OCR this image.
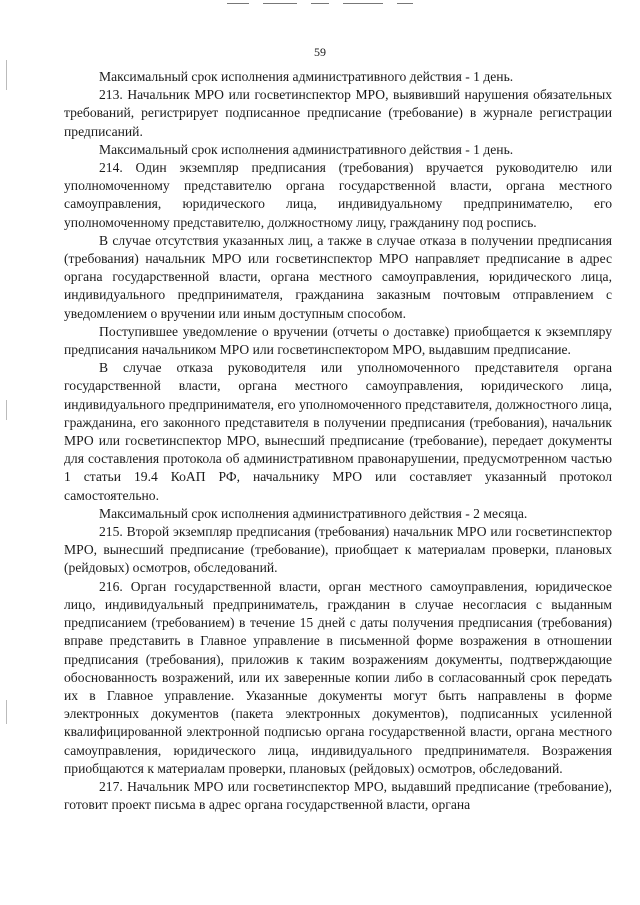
59

Максимальный срок исполнения административного действия - 1 день.

213. Начальник МРО или госветинспектор МРО, выявивший нарушения обязательных требований, регистрирует подписанное предписание (требование) в журнале регистрации предписаний.

Максимальный срок исполнения административного действия - 1 день.

214. Один экземпляр предписания (требования) вручается руководителю или уполномоченному представителю органа государственной власти, органа местного самоуправления, юридического лица, индивидуальному предпринимателю, его уполномоченному представителю, должностному лицу, гражданину под роспись.

В случае отсутствия указанных лиц, а также в случае отказа в получении предписания (требования) начальник МРО или госветинспектор МРО направляет предписание в адрес органа государственной власти, органа местного самоуправления, юридического лица, индивидуального предпринимателя, гражданина заказным почтовым отправлением с уведомлением о вручении или иным доступным способом.

Поступившее уведомление о вручении (отчеты о доставке) приобщается к экземпляру предписания начальником МРО или госветинспектором МРО, выдавшим предписание.

В случае отказа руководителя или уполномоченного представителя органа государственной власти, органа местного самоуправления, юридического лица, индивидуального предпринимателя, его уполномоченного представителя, должностного лица, гражданина, его законного представителя в получении предписания (требования), начальник МРО или госветинспектор МРО, вынесший предписание (требование), передает документы для составления протокола об административном правонарушении, предусмотренном частью 1 статьи 19.4 КоАП РФ, начальнику МРО или составляет указанный протокол самостоятельно.

Максимальный срок исполнения административного действия - 2 месяца.

215. Второй экземпляр предписания (требования) начальник МРО или госветинспектор МРО, вынесший предписание (требование), приобщает к материалам проверки, плановых (рейдовых) осмотров, обследований.

216. Орган государственной власти, орган местного самоуправления, юридическое лицо, индивидуальный предприниматель, гражданин в случае несогласия с выданным предписанием (требованием) в течение 15 дней с даты получения предписания (требования) вправе представить в Главное управление в письменной форме возражения в отношении предписания (требования), приложив к таким возражениям документы, подтверждающие обоснованность возражений, или их заверенные копии либо в согласованный срок передать их в Главное управление. Указанные документы могут быть направлены в форме электронных документов (пакета электронных документов), подписанных усиленной квалифицированной электронной подписью органа государственной власти, органа местного самоуправления, юридического лица, индивидуального предпринимателя. Возражения приобщаются к материалам проверки, плановых (рейдовых) осмотров, обследований.

217. Начальник МРО или госветинспектор МРО, выдавший предписание (требование), готовит проект письма в адрес органа государственной власти, органа
